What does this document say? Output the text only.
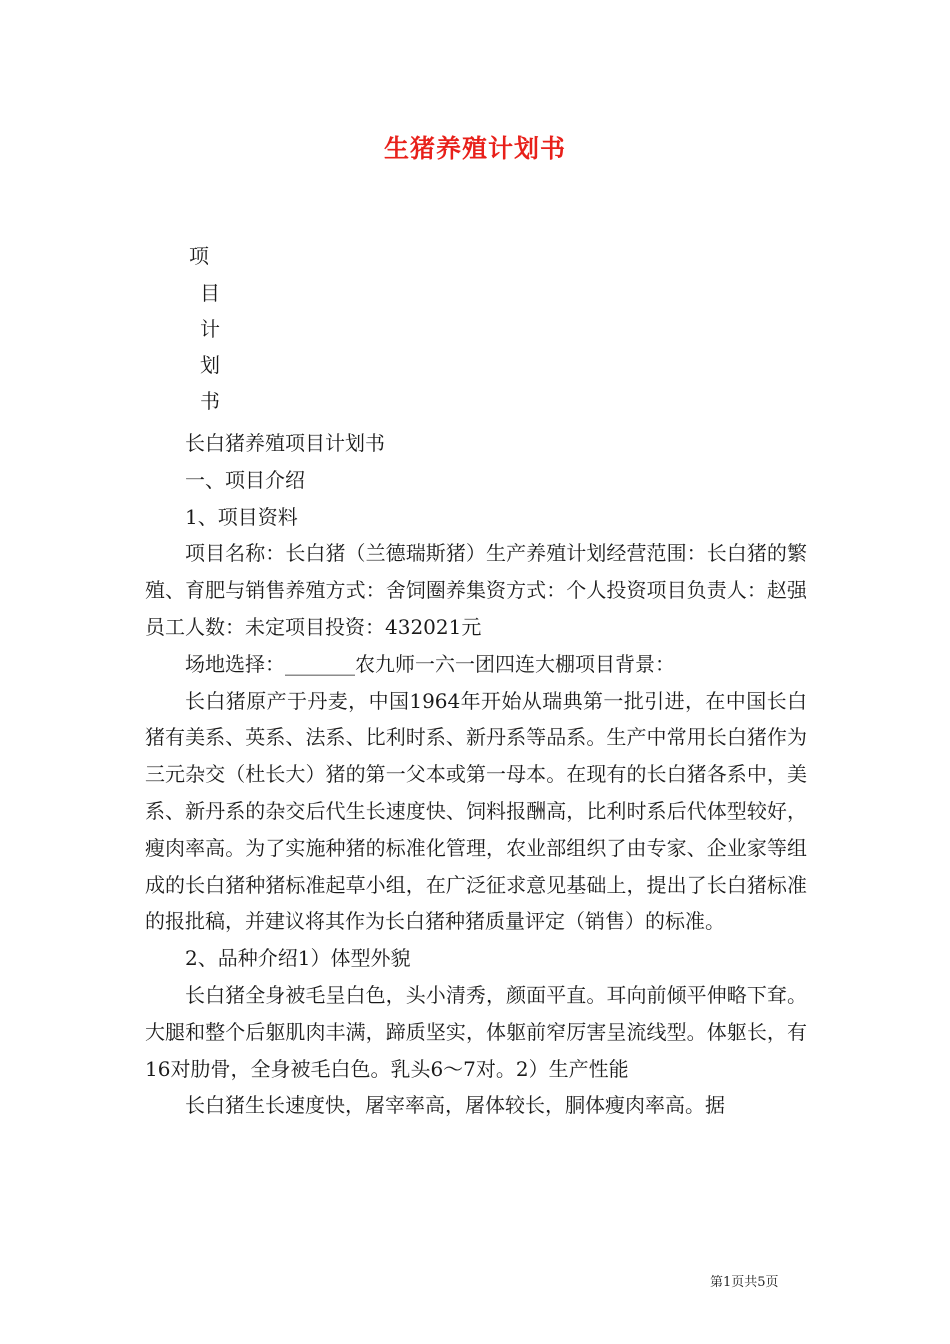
生猪养殖计划书
项
目
计
划
书

长白猪养殖项目计划书

一、项目介绍

1、项目资料

项目名称：长白猪（兰德瑞斯猪）生产养殖计划经营范围：长白猪的繁殖、育肥与销售养殖方式：舍饲圈养集资方式：个人投资项目负责人：赵强员工人数：未定项目投资：432021元

场地选择：_______农九师一六一团四连大棚项目背景：

长白猪原产于丹麦，中国1964年开始从瑞典第一批引进，在中国长白猪有美系、英系、法系、比利时系、新丹系等品系。生产中常用长白猪作为三元杂交（杜长大）猪的第一父本或第一母本。在现有的长白猪各系中，美系、新丹系的杂交后代生长速度快、饲料报酬高，比利时系后代体型较好，瘦肉率高。为了实施种猪的标准化管理，农业部组织了由专家、企业家等组成的长白猪种猪标准起草小组，在广泛征求意见基础上，提出了长白猪标准的报批稿，并建议将其作为长白猪种猪质量评定（销售）的标准。

2、品种介绍1）体型外貌

长白猪全身被毛呈白色，头小清秀，颜面平直。耳向前倾平伸略下耷。大腿和整个后躯肌肉丰满，蹄质坚实，体躯前窄厉害呈流线型。体躯长，有16对肋骨，全身被毛白色。乳头6～7对。2）生产性能

长白猪生长速度快，屠宰率高，屠体较长，胴体瘦肉率高。据

第1页共5页
